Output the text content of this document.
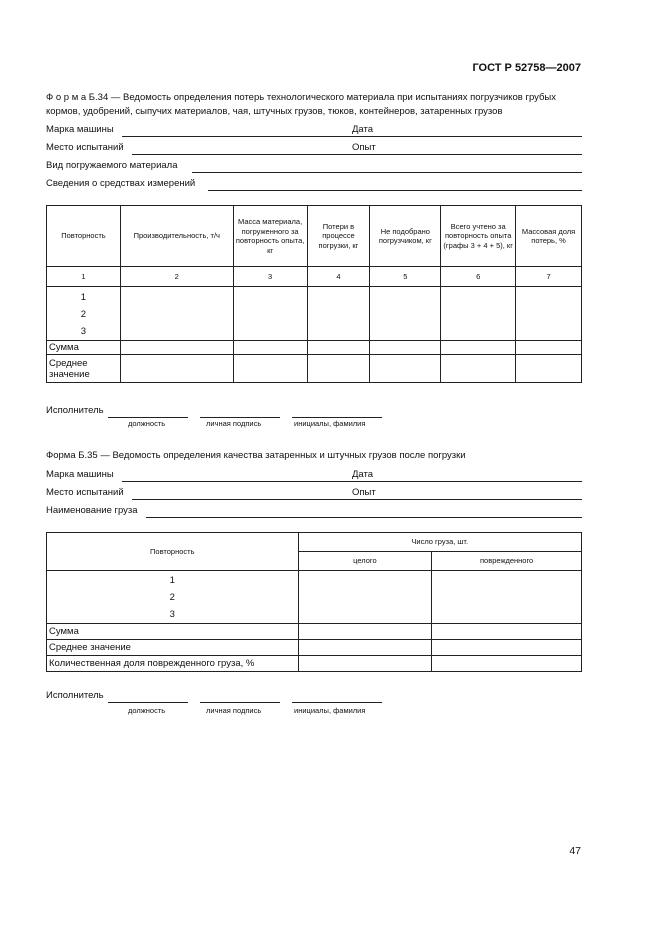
ГОСТ Р 52758—2007
Ф о р м а Б.34 — Ведомость определения потерь технологического материала при испытаниях погрузчиков грубых кормов, удобрений, сыпучих материалов, чая, штучных грузов, тюков, контейнеров, затаренных грузов
Марка машины	Дата
Место испытаний	Опыт
Вид погружаемого материала
Сведения о средствах измерений
Повторность	Производительность, т/ч	Масса материала, погруженного за повторность опыта, кг	Потери в процессе погрузки, кг	Не подобрано погрузчиком, кг	Всего учтено за повторность опыта (графы 3 + 4 + 5), кг	Массовая доля потерь, %
1	2	3	4	5	6	7

1
2
3						

Сумма						
Среднее значение						
Исполнитель
должность	личная подпись	инициалы, фамилия
Форма Б.35 — Ведомость определения качества затаренных и штучных грузов после погрузки
Марка машины	Дата
Место испытаний	Опыт
Наименование груза
Повторность	Число груза, шт.	
	целого	поврежденного

1
2
3		

Сумма		
Среднее значение		
Количественная доля поврежденного груза, %		
Исполнитель
должность	личная подпись	инициалы, фамилия
47
